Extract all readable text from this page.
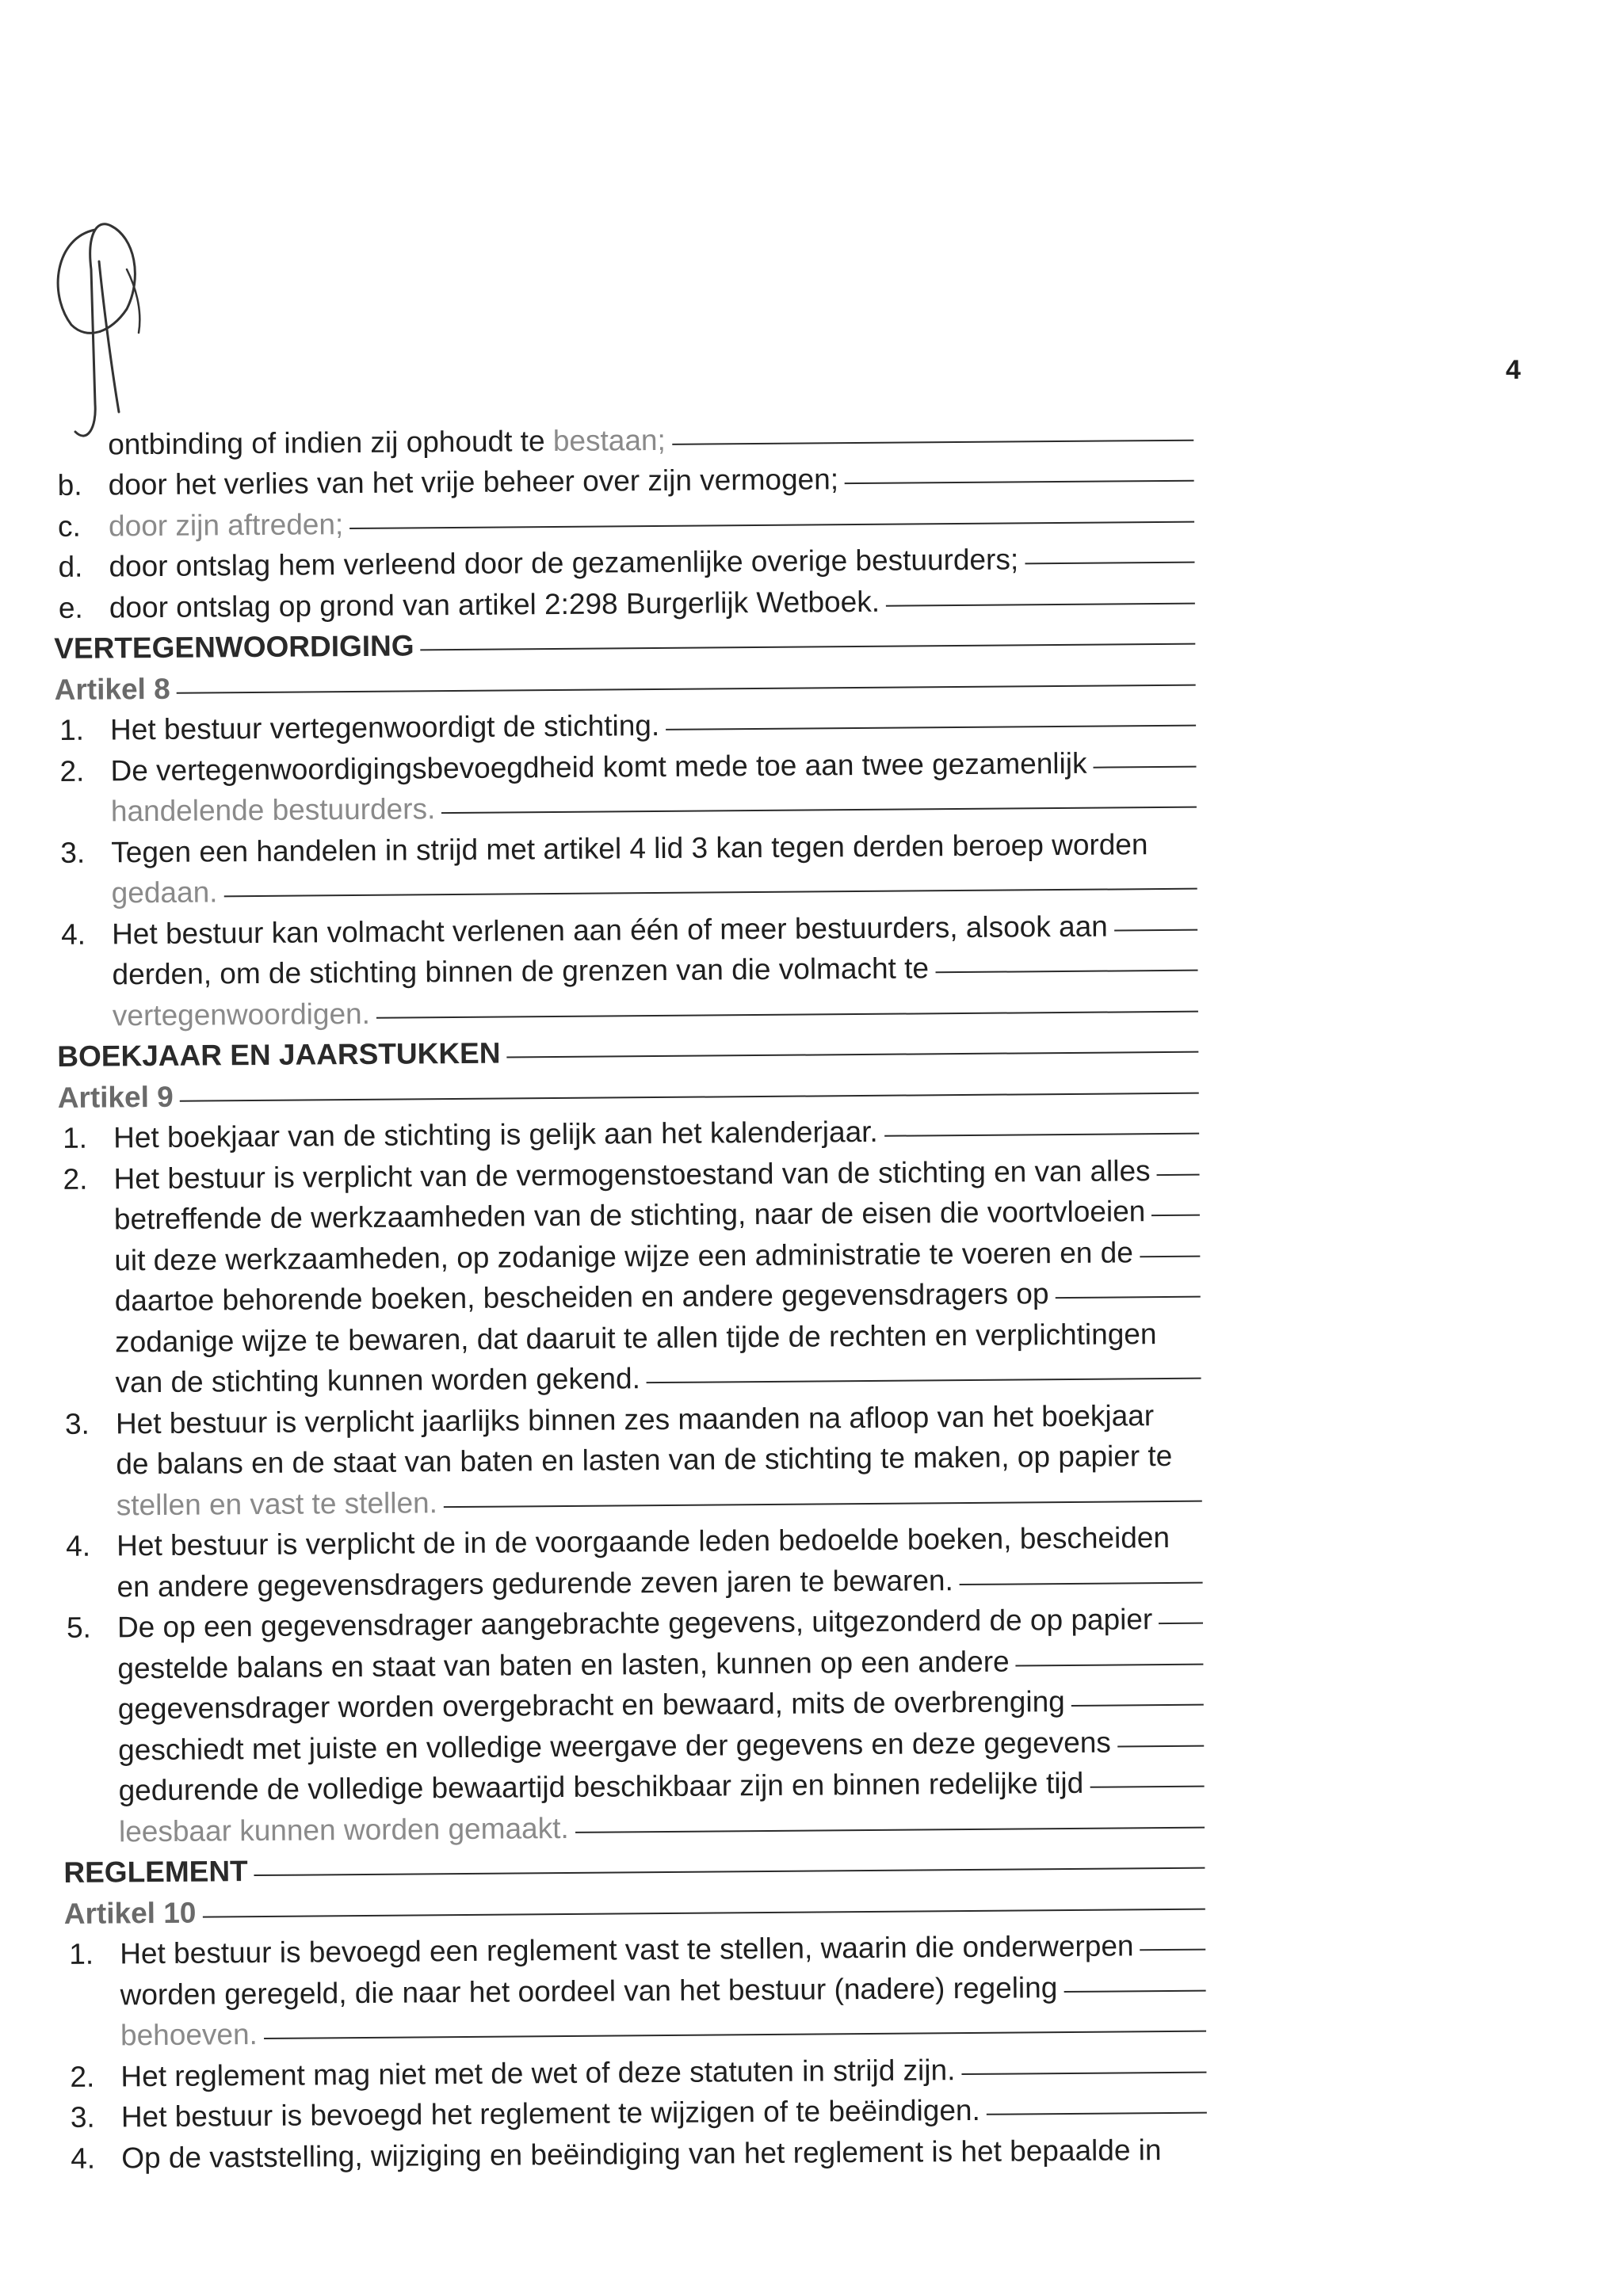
4
ontbinding of indien zij ophoudt te bestaan;
b. door het verlies van het vrije beheer over zijn vermogen;
c. door zijn aftreden;
d. door ontslag hem verleend door de gezamenlijke overige bestuurders;
e. door ontslag op grond van artikel 2:298 Burgerlijk Wetboek.
VERTEGENWOORDIGING
Artikel 8
1. Het bestuur vertegenwoordigt de stichting.
2. De vertegenwoordigingsbevoegdheid komt mede toe aan twee gezamenlijk
handelende bestuurders.
3. Tegen een handelen in strijd met artikel 4 lid 3 kan tegen derden beroep worden
gedaan.
4. Het bestuur kan volmacht verlenen aan één of meer bestuurders, alsook aan
derden, om de stichting binnen de grenzen van die volmacht te
vertegenwoordigen.
BOEKJAAR EN JAARSTUKKEN
Artikel 9
1. Het boekjaar van de stichting is gelijk aan het kalenderjaar.
2. Het bestuur is verplicht van de vermogenstoestand van de stichting en van alles
betreffende de werkzaamheden van de stichting, naar de eisen die voortvloeien
uit deze werkzaamheden, op zodanige wijze een administratie te voeren en de
daartoe behorende boeken, bescheiden en andere gegevensdragers op
zodanige wijze te bewaren, dat daaruit te allen tijde de rechten en verplichtingen
van de stichting kunnen worden gekend.
3. Het bestuur is verplicht jaarlijks binnen zes maanden na afloop van het boekjaar
de balans en de staat van baten en lasten van de stichting te maken, op papier te
stellen en vast te stellen.
4. Het bestuur is verplicht de in de voorgaande leden bedoelde boeken, bescheiden
en andere gegevensdragers gedurende zeven jaren te bewaren.
5. De op een gegevensdrager aangebrachte gegevens, uitgezonderd de op papier
gestelde balans en staat van baten en lasten, kunnen op een andere
gegevensdrager worden overgebracht en bewaard, mits de overbrenging
geschiedt met juiste en volledige weergave der gegevens en deze gegevens
gedurende de volledige bewaartijd beschikbaar zijn en binnen redelijke tijd
leesbaar kunnen worden gemaakt.
REGLEMENT
Artikel 10
1. Het bestuur is bevoegd een reglement vast te stellen, waarin die onderwerpen
worden geregeld, die naar het oordeel van het bestuur (nadere) regeling
behoeven.
2. Het reglement mag niet met de wet of deze statuten in strijd zijn.
3. Het bestuur is bevoegd het reglement te wijzigen of te beëindigen.
4. Op de vaststelling, wijziging en beëindiging van het reglement is het bepaalde in
